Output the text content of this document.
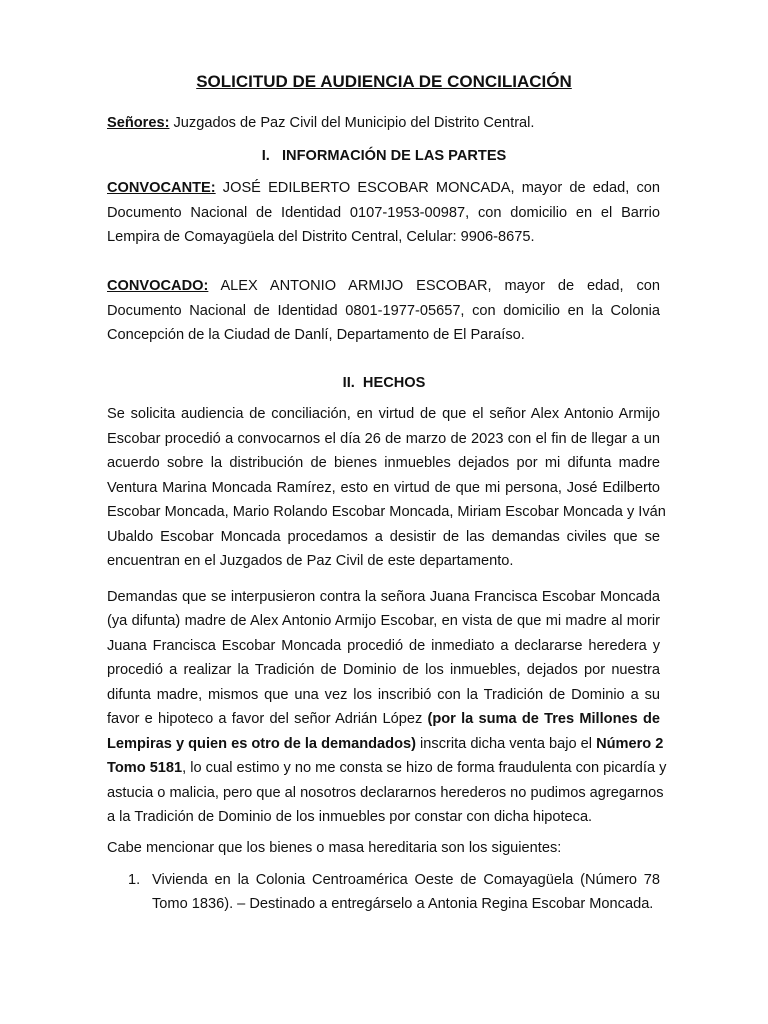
SOLICITUD DE AUDIENCIA DE CONCILIACIÓN
Señores: Juzgados de Paz Civil del Municipio del Distrito Central.
I. INFORMACIÓN DE LAS PARTES
CONVOCANTE: JOSÉ EDILBERTO ESCOBAR MONCADA, mayor de edad, con
Documento Nacional de Identidad 0107-1953-00987, con domicilio en el Barrio
Lempira de Comayagüela del Distrito Central, Celular: 9906-8675.
CONVOCADO: ALEX ANTONIO ARMIJO ESCOBAR, mayor de edad, con
Documento Nacional de Identidad 0801-1977-05657, con domicilio en la Colonia
Concepción de la Ciudad de Danlí, Departamento de El Paraíso.
II. HECHOS
Se solicita audiencia de conciliación, en virtud de que el señor Alex Antonio Armijo
Escobar procedió a convocarnos el día 26 de marzo de 2023 con el fin de llegar a un
acuerdo sobre la distribución de bienes inmuebles dejados por mi difunta madre
Ventura Marina Moncada Ramírez, esto en virtud de que mi persona, José Edilberto
Escobar Moncada, Mario Rolando Escobar Moncada, Miriam Escobar Moncada y Iván
Ubaldo Escobar Moncada procedamos a desistir de las demandas civiles que se
encuentran en el Juzgados de Paz Civil de este departamento.
Demandas que se interpusieron contra la señora Juana Francisca Escobar Moncada
(ya difunta) madre de Alex Antonio Armijo Escobar, en vista de que mi madre al morir
Juana Francisca Escobar Moncada procedió de inmediato a declararse heredera y
procedió a realizar la Tradición de Dominio de los inmuebles, dejados por nuestra
difunta madre, mismos que una vez los inscribió con la Tradición de Dominio a su
favor e hipoteco a favor del señor Adrián López (por la suma de Tres Millones de
Lempiras y quien es otro de la demandados) inscrita dicha venta bajo el Número 2
Tomo 5181, lo cual estimo y no me consta se hizo de forma fraudulenta con picardía y
astucia o malicia, pero que al nosotros declararnos herederos no pudimos agregarnos
a la Tradición de Dominio de los inmuebles por constar con dicha hipoteca.
Cabe mencionar que los bienes o masa hereditaria son los siguientes:
1. Vivienda en la Colonia Centroamérica Oeste de Comayagüela (Número 78
Tomo 1836). – Destinado a entregárselo a Antonia Regina Escobar Moncada.
